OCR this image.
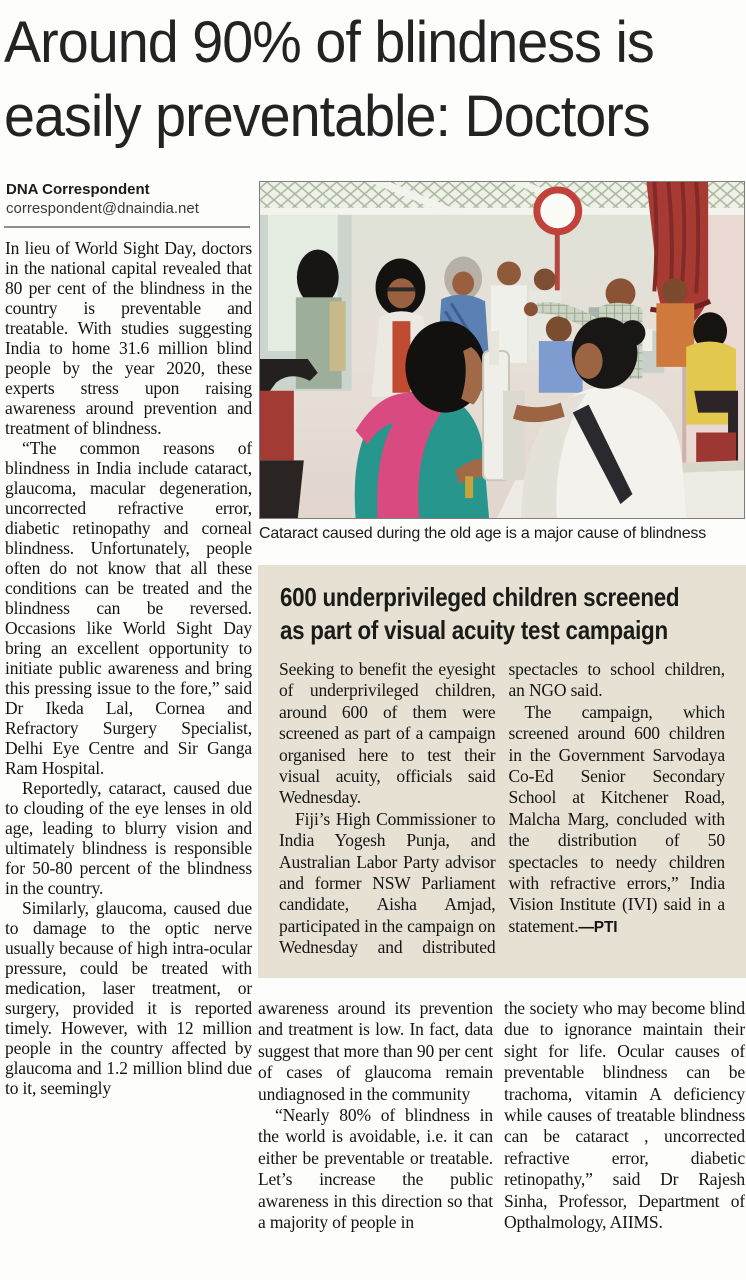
Around 90% of blindness is
easily preventable: Doctors
DNA Correspondent
correspondent@dnaindia.net

In lieu of World Sight Day, doctors in the national capital revealed that 80 per cent of the blindness in the country is preventable and treatable. With studies suggesting India to home 31.6 million blind people by the year 2020, these experts stress upon raising awareness around prevention and treatment of blindness.

“The common reasons of blindness in India include cataract, glaucoma, macular degeneration, uncorrected refractive error, diabetic retinopathy and corneal blindness. Unfortunately, people often do not know that all these conditions can be treated and the blindness can be reversed. Occasions like World Sight Day bring an excellent opportunity to initiate public awareness and bring this pressing issue to the fore,” said Dr Ikeda Lal, Cornea and Refractory Surgery Specialist, Delhi Eye Centre and Sir Ganga Ram Hospital.

Reportedly, cataract, caused due to clouding of the eye lenses in old age, leading to blurry vision and ultimately blindness is responsible for 50-80 percent of the blindness in the country.

Similarly, glaucoma, caused due to damage to the optic nerve usually because of high intra-ocular pressure, could be treated with medication, laser treatment, or surgery, provided it is reported timely. However, with 12 million people in the country affected by glaucoma and 1.2 million blind due to it, seemingly

Cataract caused during the old age is a major cause of blindness
600 underprivileged children screened
as part of visual acuity test campaign

Seeking to benefit the eyesight of underprivileged children, around 600 of them were screened as part of a campaign organised here to test their visual acuity, officials said Wednesday.

Fiji’s High Commissioner to India Yogesh Punja, and Australian Labor Party advisor and former NSW Parliament candidate, Aisha Amjad, participated in the campaign on Wednesday and distributed spectacles to school children, an NGO said.

The campaign, which screened around 600 children in the Government Sarvodaya Co-Ed Senior Secondary School at Kitchener Road, Malcha Marg, concluded with the distribution of 50 spectacles to needy children with refractive errors,” India Vision Institute (IVI) said in a statement.—PTI

awareness around its prevention and treatment is low. In fact, data suggest that more than 90 per cent of cases of glaucoma remain undiagnosed in the community

“Nearly 80% of blindness in the world is avoidable, i.e. it can either be preventable or treatable. Let’s increase the public awareness in this direction so that a majority of people in

the society who may become blind due to ignorance maintain their sight for life. Ocular causes of preventable blindness can be trachoma, vitamin A deficiency while causes of treatable blindness can be cataract , uncorrected refractive error, diabetic retinopathy,” said Dr Rajesh Sinha, Professor, Department of Opthalmology, AIIMS.
